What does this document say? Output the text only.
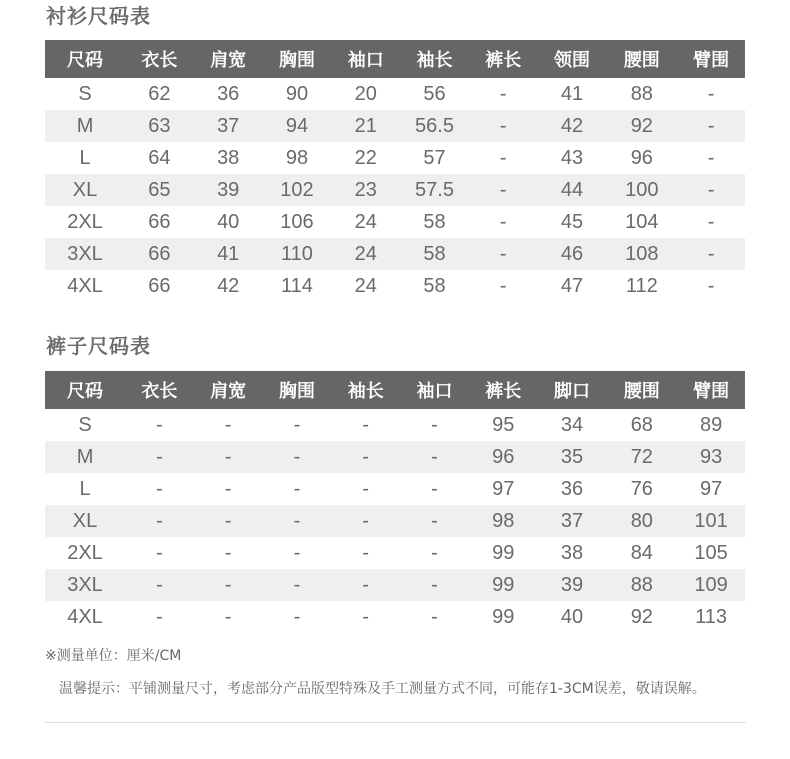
衬衫尺码表
尺码	衣长	肩宽	胸围	袖口	袖长	裤长	领围	腰围	臂围
S	62	36	90	20	56	-	41	88	-
M	63	37	94	21	56.5	-	42	92	-
L	64	38	98	22	57	-	43	96	-
XL	65	39	102	23	57.5	-	44	100	-
2XL	66	40	106	24	58	-	45	104	-
3XL	66	41	110	24	58	-	46	108	-
4XL	66	42	114	24	58	-	47	112	-
裤子尺码表
尺码	衣长	肩宽	胸围	袖长	袖口	裤长	脚口	腰围	臂围
S	-	-	-	-	-	95	34	68	89
M	-	-	-	-	-	96	35	72	93
L	-	-	-	-	-	97	36	76	97
XL	-	-	-	-	-	98	37	80	101
2XL	-	-	-	-	-	99	38	84	105
3XL	-	-	-	-	-	99	39	88	109
4XL	-	-	-	-	-	99	40	92	113
※测量单位：厘米/CM
温馨提示：平铺测量尺寸，考虑部分产品版型特殊及手工测量方式不同，可能存1-3CM误差，敬请误解。
